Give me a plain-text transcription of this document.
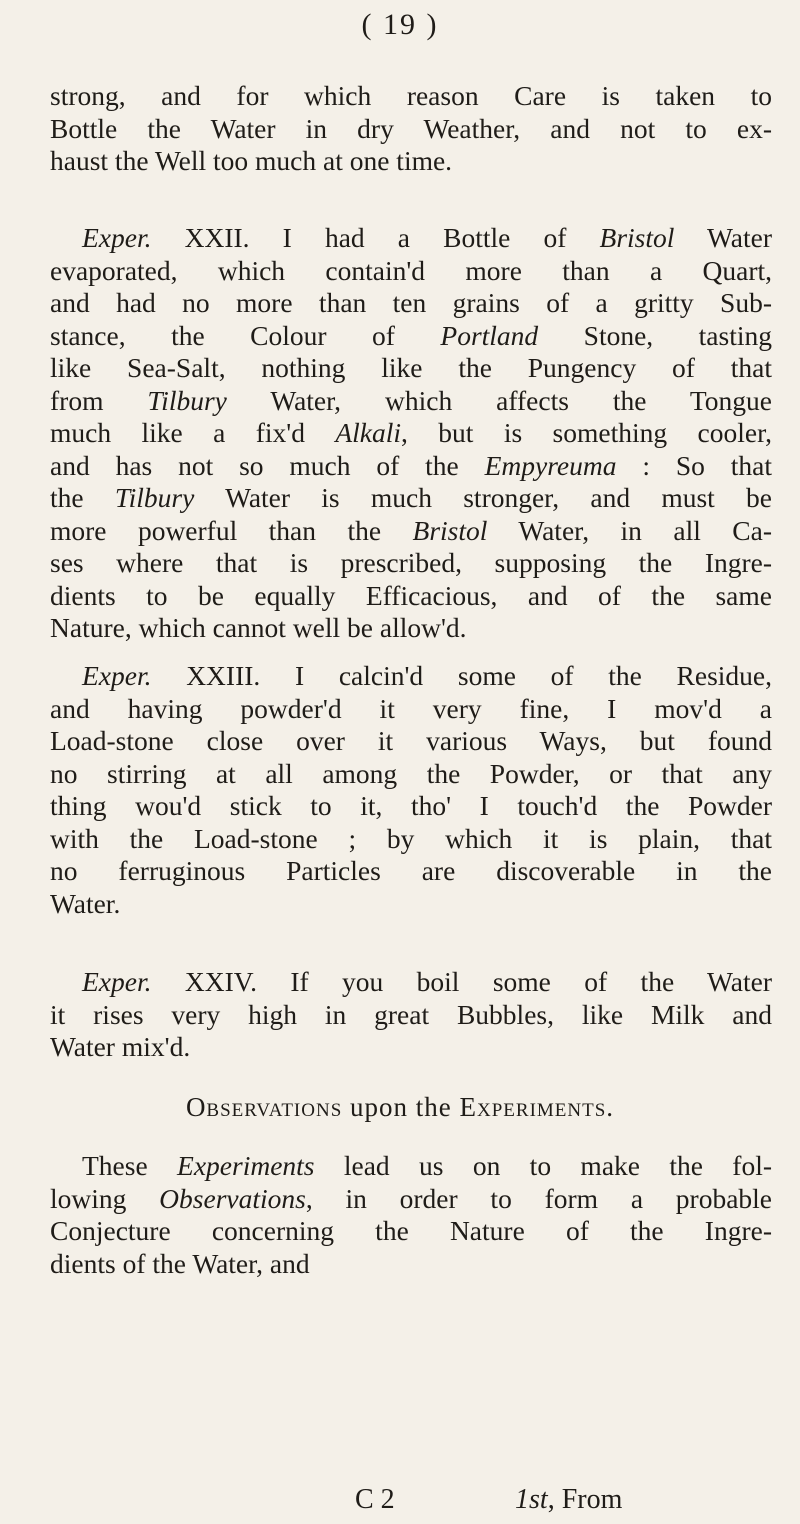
( 19 )
strong, and for which reason Care is taken to
Bottle the Water in dry Weather, and not to ex-
haust the Well too much at one time.
Exper. XXII. I had a Bottle of Bristol Water
evaporated, which contain'd more than a Quart,
and had no more than ten grains of a gritty Sub-
stance, the Colour of Portland Stone, tasting
like Sea-Salt, nothing like the Pungency of that
from Tilbury Water, which affects the Tongue
much like a fix'd Alkali, but is something cooler,
and has not so much of the Empyreuma : So that
the Tilbury Water is much stronger, and must be
more powerful than the Bristol Water, in all Ca-
ses where that is prescribed, supposing the Ingre-
dients to be equally Efficacious, and of the same
Nature, which cannot well be allow'd.
Exper. XXIII. I calcin'd some of the Residue,
and having powder'd it very fine, I mov'd a
Load-stone close over it various Ways, but found
no stirring at all among the Powder, or that any
thing wou'd stick to it, tho' I touch'd the Powder
with the Load-stone ; by which it is plain, that
no ferruginous Particles are discoverable in the
Water.
Exper. XXIV. If you boil some of the Water
it rises very high in great Bubbles, like Milk and
Water mix'd.
Observations upon the Experiments.
These Experiments lead us on to make the fol-
lowing Observations, in order to form a probable
Conjecture concerning the Nature of the Ingre-
dients of the Water, and
C 2	1st, From
